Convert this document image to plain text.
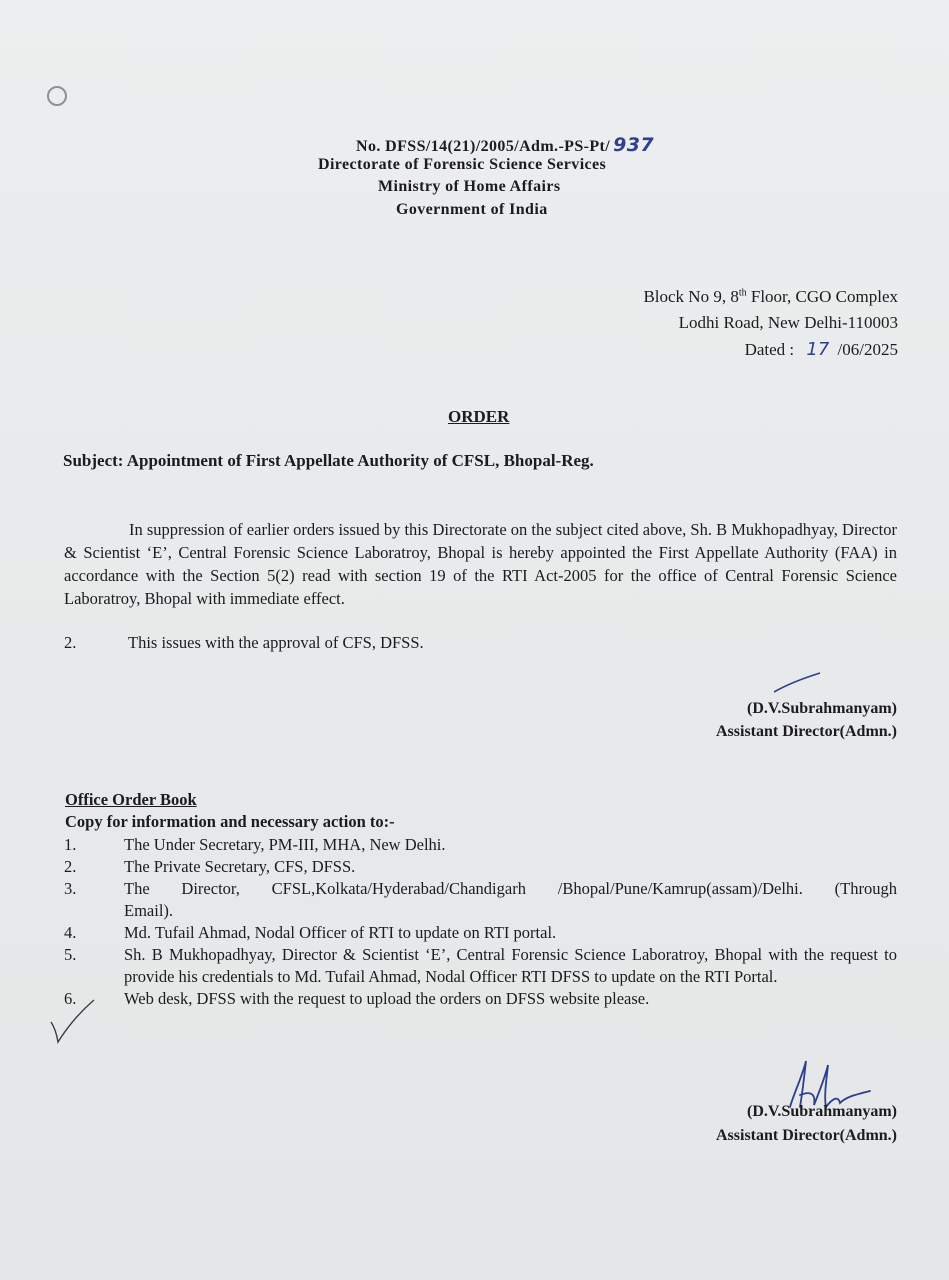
No. DFSS/14(21)/2005/Adm.-PS-Pt/ 937
Directorate of Forensic Science Services
Ministry of Home Affairs
Government of India
Block No 9, 8th Floor, CGO Complex
Lodhi Road, New Delhi-110003
Dated : 17 /06/2025
ORDER
Subject: Appointment of First Appellate Authority of CFSL, Bhopal-Reg.

In suppression of earlier orders issued by this Directorate on the subject cited above, Sh. B Mukhopadhyay, Director & Scientist ‘E’, Central Forensic Science Laboratroy, Bhopal is hereby appointed the First Appellate Authority (FAA) in accordance with the Section 5(2) read with section 19 of the RTI Act-2005 for the office of Central Forensic Science Laboratroy, Bhopal with immediate effect.

2.	This issues with the approval of CFS, DFSS.
(D.V.Subrahmanyam)
Assistant Director(Admn.)
Office Order Book
Copy for information and necessary action to:-
1.	The Under Secretary, PM-III, MHA, New Delhi.
2.	The Private Secretary, CFS, DFSS.
3.	The Director, CFSL,Kolkata/Hyderabad/Chandigarh /Bhopal/Pune/Kamrup(assam)/Delhi. (Through Email).
4.	Md. Tufail Ahmad, Nodal Officer of RTI to update on RTI portal.
5.	Sh. B Mukhopadhyay, Director & Scientist ‘E’, Central Forensic Science Laboratroy, Bhopal with the request to provide his credentials to Md. Tufail Ahmad, Nodal Officer RTI DFSS to update on the RTI Portal.
6.	Web desk, DFSS with the request to upload the orders on DFSS website please.
(D.V.Subrahmanyam)
Assistant Director(Admn.)
